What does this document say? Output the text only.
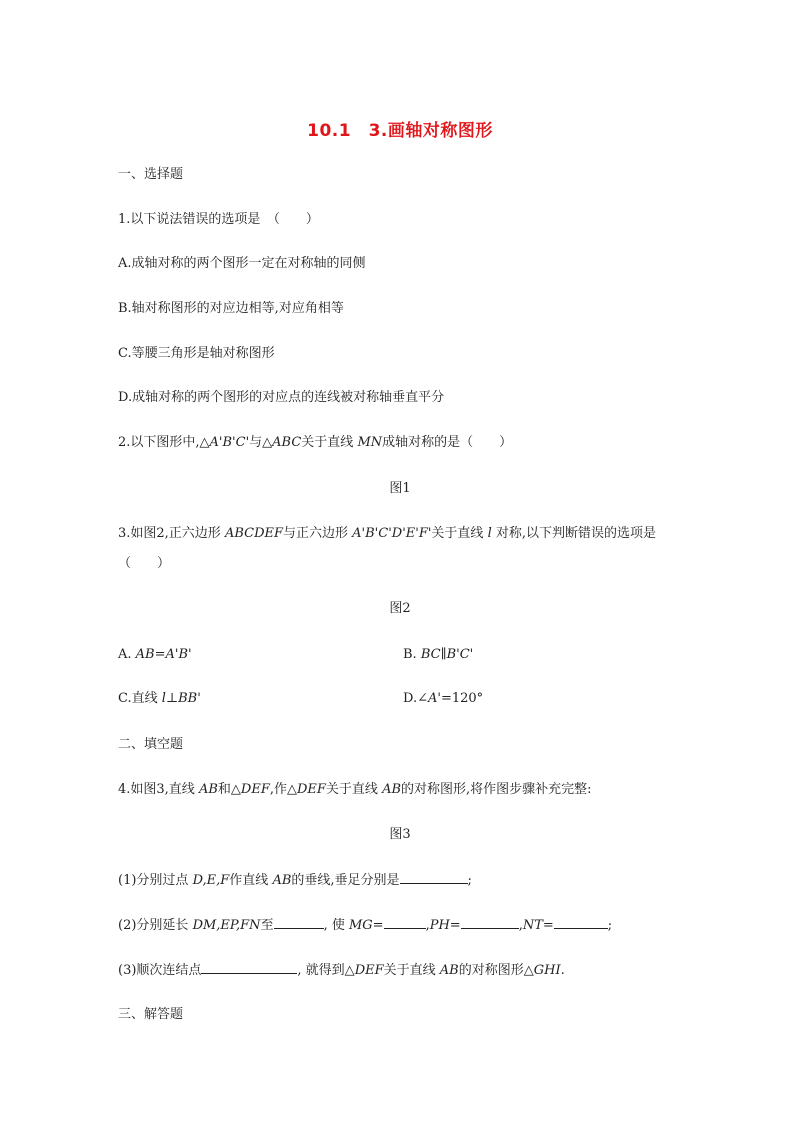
10.1　3.画轴对称图形
一、选择题
1.以下说法错误的选项是　（　　）
A.成轴对称的两个图形一定在对称轴的同侧
B.轴对称图形的对应边相等,对应角相等
C.等腰三角形是轴对称图形
D.成轴对称的两个图形的对应点的连线被对称轴垂直平分
2.以下图形中,△A'B'C'与△ABC关于直线 MN成轴对称的是（　　）
图1
3.如图2,正六边形 ABCDEF与正六边形 A'B'C'D'E'F'关于直线 l 对称,以下判断错误的选项是
（　　）
图2
A. AB=A'B'	B. BC∥B'C'
C.直线 l⊥BB'	D.∠A'=120°
二、填空题
4.如图3,直线 AB和△DEF,作△DEF关于直线 AB的对称图形,将作图步骤补充完整:
图3
(1)分别过点 D,E,F作直线 AB的垂线,垂足分别是	;
(2)分别延长 DM,EP,FN至	, 使 MG=	,PH=	,NT=	;
(3)顺次连结点	, 就得到△DEF关于直线 AB的对称图形△GHI.
三、解答题
